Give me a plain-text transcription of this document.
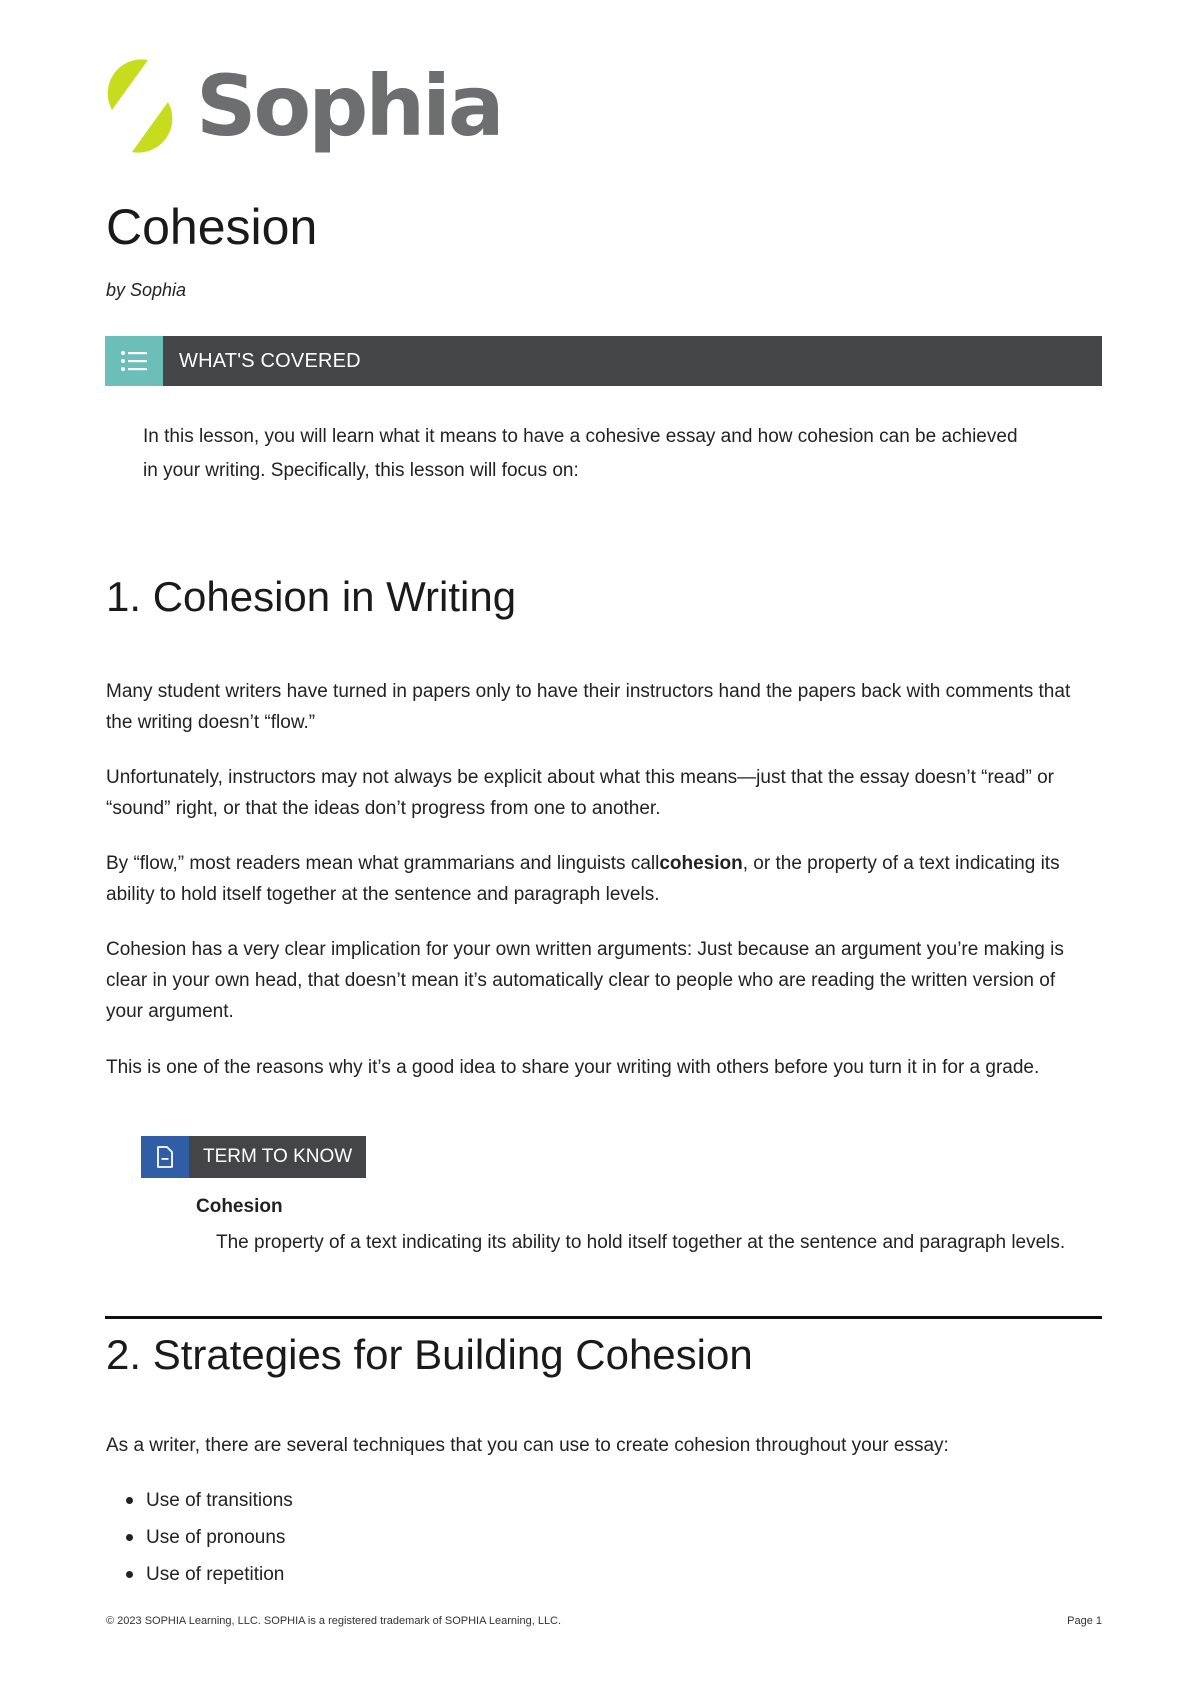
Sophia
Cohesion
by Sophia
WHAT'S COVERED

In this lesson, you will learn what it means to have a cohesive essay and how cohesion can be achieved in your writing. Specifically, this lesson will focus on:

1. Cohesion in Writing

Many student writers have turned in papers only to have their instructors hand the papers back with comments that the writing doesn’t “flow.”

Unfortunately, instructors may not always be explicit about what this means—just that the essay doesn’t “read” or “sound” right, or that the ideas don’t progress from one to another.

By “flow,” most readers mean what grammarians and linguists callcohesion, or the property of a text indicating its ability to hold itself together at the sentence and paragraph levels.

Cohesion has a very clear implication for your own written arguments: Just because an argument you’re making is clear in your own head, that doesn’t mean it’s automatically clear to people who are reading the written version of your argument.

This is one of the reasons why it’s a good idea to share your writing with others before you turn it in for a grade.

TERM TO KNOW
Cohesion

The property of a text indicating its ability to hold itself together at the sentence and paragraph levels.

2. Strategies for Building Cohesion

As a writer, there are several techniques that you can use to create cohesion throughout your essay:

Use of transitions
Use of pronouns
Use of repetition
© 2023 SOPHIA Learning, LLC. SOPHIA is a registered trademark of SOPHIA Learning, LLC.	Page 1
